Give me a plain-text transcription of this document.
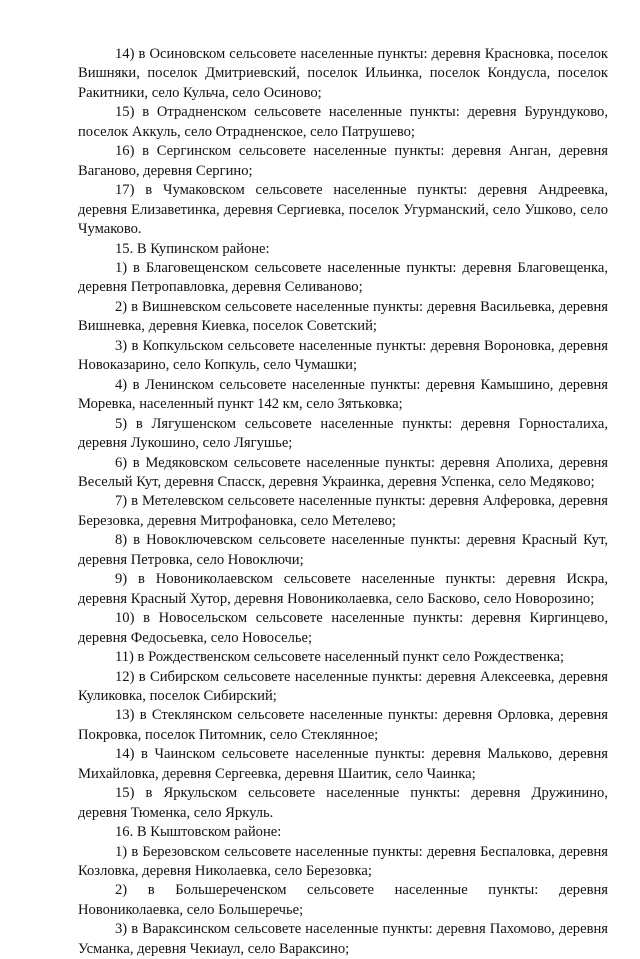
14) в Осиновском сельсовете населенные пункты: деревня Красновка, поселок Вишняки, поселок Дмитриевский, поселок Ильинка, поселок Кондусла, поселок Ракитники, село Кульча, село Осиново;

15) в Отрадненском сельсовете населенные пункты: деревня Бурундуково, поселок Аккуль, село Отрадненское, село Патрушево;

16) в Сергинском сельсовете населенные пункты: деревня Анган, деревня Ваганово, деревня Сергино;

17) в Чумаковском сельсовете населенные пункты: деревня Андреевка, деревня Елизаветинка, деревня Сергиевка, поселок Угурманский, село Ушково, село Чумаково.

15. В Купинском районе:

1) в Благовещенском сельсовете населенные пункты: деревня Благовещенка, деревня Петропавловка, деревня Селиваново;

2) в Вишневском сельсовете населенные пункты: деревня Васильевка, деревня Вишневка, деревня Киевка, поселок Советский;

3) в Копкульском сельсовете населенные пункты: деревня Вороновка, деревня Новоказарино, село Копкуль, село Чумашки;

4) в Ленинском сельсовете населенные пункты: деревня Камышино, деревня Моревка, населенный пункт 142 км, село Зятьковка;

5) в Лягушенском сельсовете населенные пункты: деревня Горносталиха, деревня Лукошино, село Лягушье;

6) в Медяковском сельсовете населенные пункты: деревня Аполиха, деревня Веселый Кут, деревня Спасск, деревня Украинка, деревня Успенка, село Медяково;

7) в Метелевском сельсовете населенные пункты: деревня Алферовка, деревня Березовка, деревня Митрофановка, село Метелево;

8) в Новоключевском сельсовете населенные пункты: деревня Красный Кут, деревня Петровка, село Новоключи;

9) в Новониколаевском сельсовете населенные пункты: деревня Искра, деревня Красный Хутор, деревня Новониколаевка, село Басково, село Новорозино;

10) в Новосельском сельсовете населенные пункты: деревня Киргинцево, деревня Федосьевка, село Новоселье;

11) в Рождественском сельсовете населенный пункт село Рождественка;

12) в Сибирском сельсовете населенные пункты: деревня Алексеевка, деревня Куликовка, поселок Сибирский;

13) в Стеклянском сельсовете населенные пункты: деревня Орловка, деревня Покровка, поселок Питомник, село Стеклянное;

14) в Чаинском сельсовете населенные пункты: деревня Мальково, деревня Михайловка, деревня Сергеевка, деревня Шаитик, село Чаинка;

15) в Яркульском сельсовете населенные пункты: деревня Дружинино, деревня Тюменка, село Яркуль.

16. В Кыштовском районе:

1) в Березовском сельсовете населенные пункты: деревня Беспаловка, деревня Козловка, деревня Николаевка, село Березовка;

2) в Большереченском сельсовете населенные пункты: деревня Новониколаевка, село Большеречье;

3) в Вараксинском сельсовете населенные пункты: деревня Пахомово, деревня Усманка, деревня Чекиаул, село Вараксино;
